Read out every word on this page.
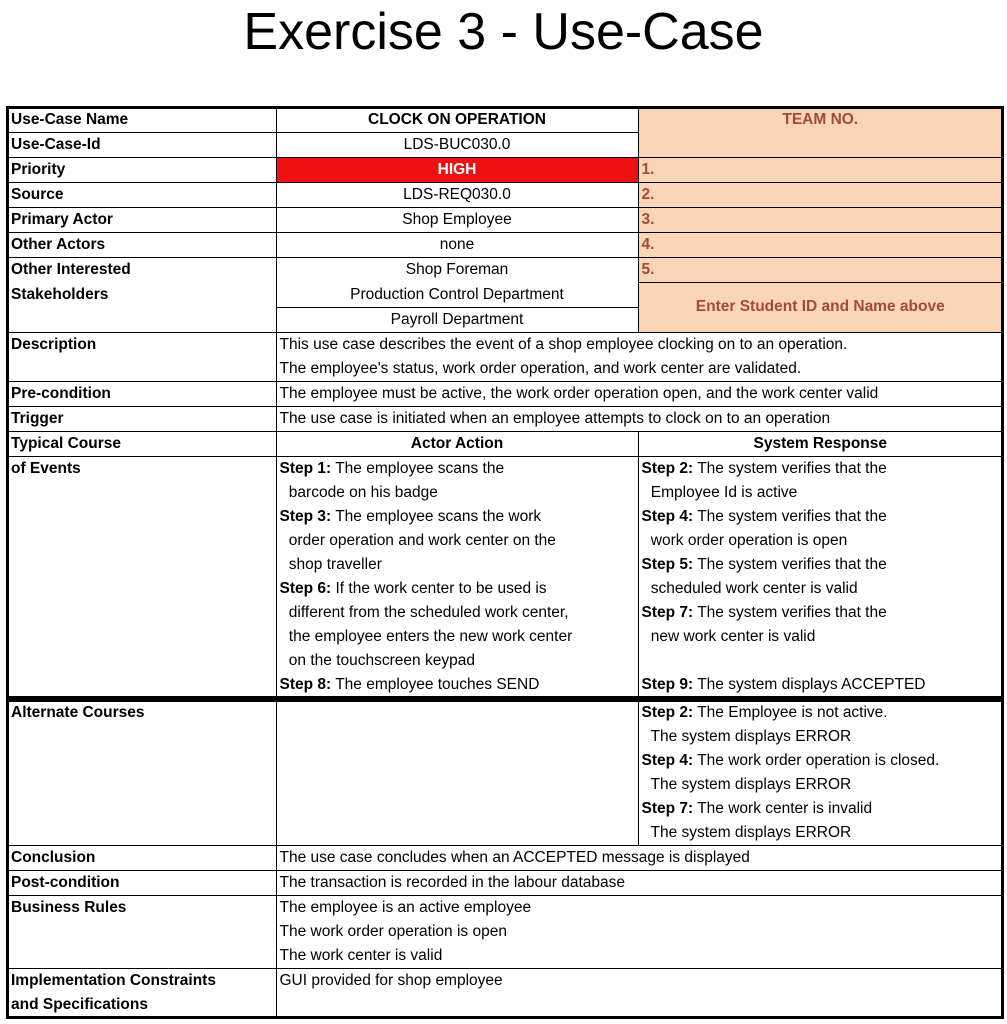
Exercise 3 - Use-Case
Use-Case Name	CLOCK ON OPERATION	TEAM NO.
Use-Case-Id	LDS-BUC030.0	
Priority	HIGH	1.
Source	LDS-REQ030.0	2.
Primary Actor	Shop Employee	3.
Other Actors	none	4.
Other Interested	Shop Foreman	5.
Stakeholders	Production Control Department	Enter Student ID and Name above
	Payroll Department	
Description	This use case describes the event of a shop employee clocking on to an operation.	
	The employee's status, work order operation, and work center are validated.	
Pre-condition	The employee must be active, the work order operation open, and the work center valid	
Trigger	The use case is initiated when an employee attempts to clock on to an operation	
Typical Course	Actor Action	System Response
of Events	Step 1: The employee scans the	Step 2: The system verifies that the
	barcode on his badge	Employee Id is active
	Step 3: The employee scans the work	Step 4: The system verifies that the
	order operation and work center on the	work order operation is open
	shop traveller	Step 5: The system verifies that the
	Step 6: If the work center to be used is	scheduled work center is valid
	different from the scheduled work center,	Step 7: The system verifies that the
	the employee enters the new work center	new work center is valid
	on the touchscreen keypad	
	Step 8: The employee touches SEND	Step 9: The system displays ACCEPTED
Alternate Courses		Step 2: The Employee is not active.
		The system displays ERROR
		Step 4: The work order operation is closed.
		The system displays ERROR
		Step 7: The work center is invalid
		The system displays ERROR
Conclusion	The use case concludes when an ACCEPTED message is displayed	
Post-condition	The transaction is recorded in the labour database	
Business Rules	The employee is an active employee	
	The work order operation is open	
	The work center is valid	
Implementation Constraints	GUI provided for shop employee	
and Specifications		
